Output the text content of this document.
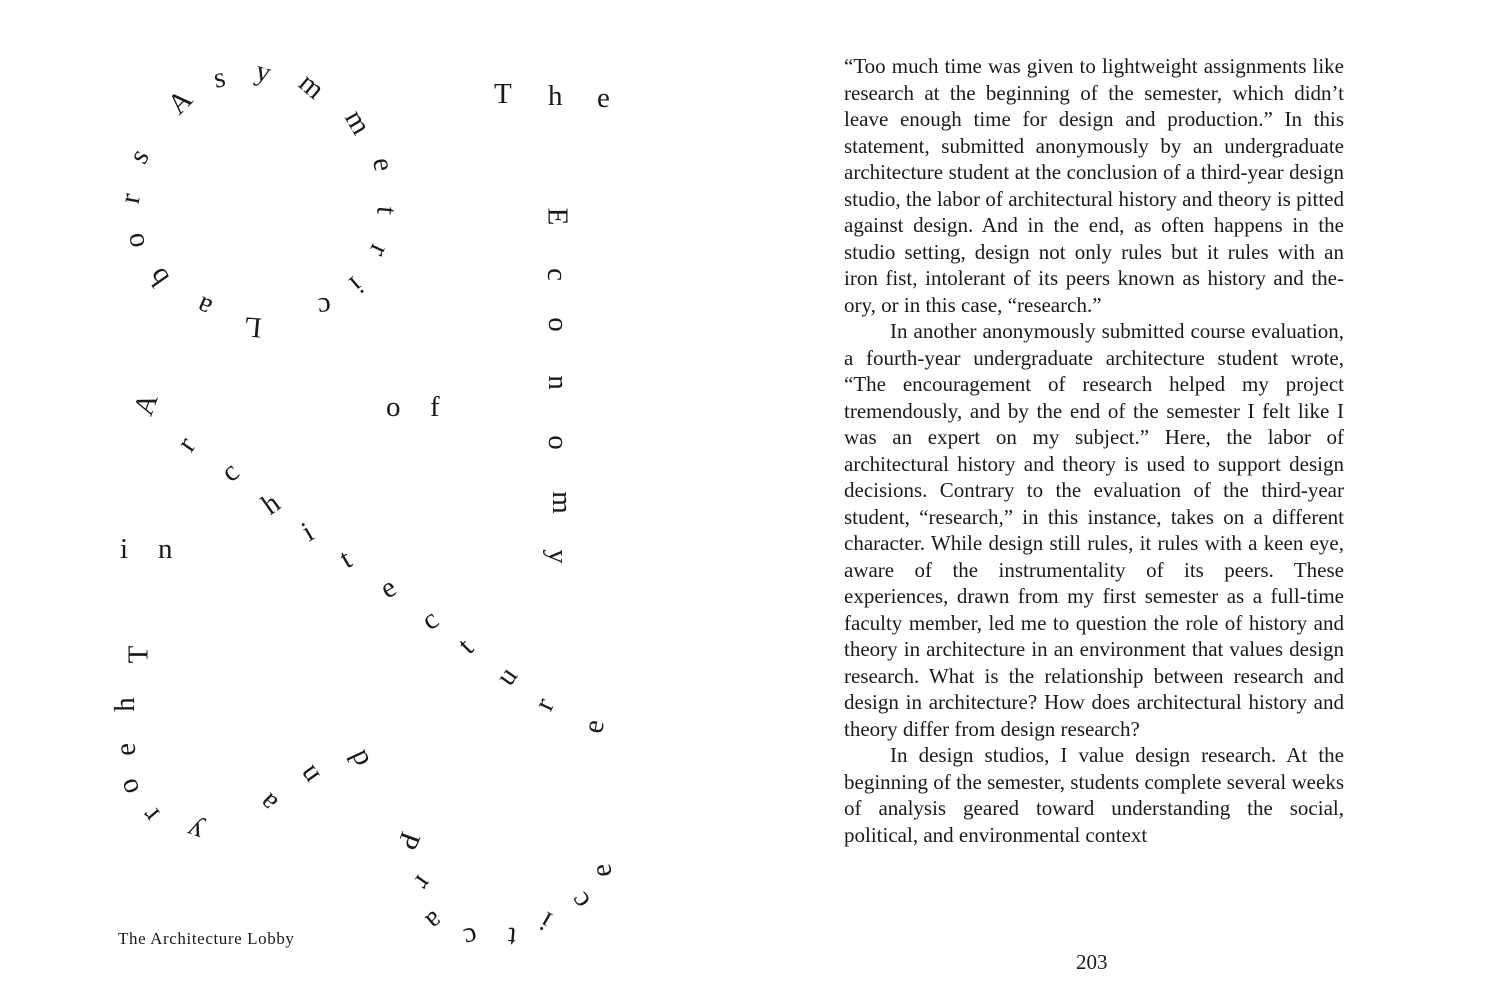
T h e
A
s y m
m
e
t
r
i
c
E
c
o
n
o
m
y
L
a
b
o
r
s
o f
A
r
c
h
i
t
e
c
t
u
r
e
i n
T
h
e
o
r y
a
n
d
P
r
a c t i
c
e
The Architecture Lobby

“Too much time was given to lightweight assignments like research at the beginning of the semester, which didn’t leave enough time for design and production.” In this statement, submitted anonymously by an undergraduate architecture student at the conclusion of a third-year design studio, the labor of architectural history and theory is pitted against design. And in the end, as often happens in the studio setting, design not only rules but it rules with an iron fist, intolerant of its peers known as history and theory, or in this case, “research.”

In another anonymously submitted course evaluation, a fourth-year undergraduate architecture student wrote, “The encouragement of research helped my project tremendously, and by the end of the semester I felt like I was an expert on my subject.” Here, the labor of architectural history and theory is used to support design decisions. Contrary to the evaluation of the third-year student, “research,” in this instance, takes on a different character. While design still rules, it rules with a keen eye, aware of the instrumentality of its peers. These experiences, drawn from my first semester as a full-time faculty member, led me to question the role of history and theory in architecture in an environment that values design research. What is the relationship between research and design in architecture? How does architectural history and theory differ from design research?

In design studios, I value design research. At the beginning of the semester, students complete several weeks of analysis geared toward understanding the social, political, and environmental context

203
